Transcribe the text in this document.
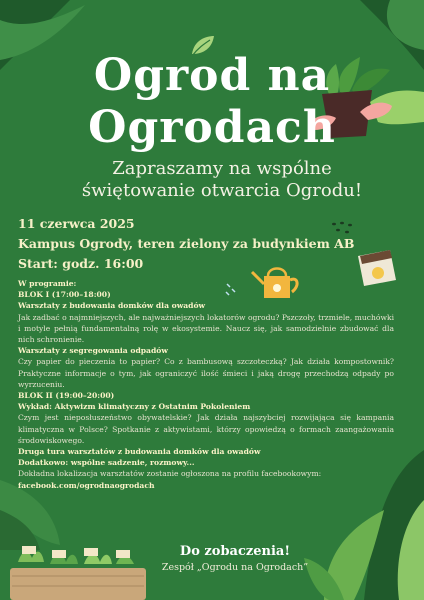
Ogrod na
Ogrodach
Zapraszamy na wspólne
świętowanie otwarcia Ogrodu!
11 czerwca 2025
Kampus Ogrody, teren zielony za budynkiem AB
Start: godz. 16:00
W programie:
BLOK I (17:00–18:00)
Warsztaty z budowania domków dla owadów
Jak zadbać o najmniejszych, ale najważniejszych lokatorów ogrodu? Pszczoły, trzmiele, muchówki i motyle pełnią fundamentalną rolę w ekosystemie. Naucz się, jak samodzielnie zbudować dla nich schronienie.
Warsztaty z segregowania odpadów
Czy papier do pieczenia to papier? Co z bambusową szczoteczką? Jak działa kompostownik? Praktyczne informacje o tym, jak ograniczyć ilość śmieci i jaką drogę przechodzą odpady po wyrzuceniu.
BLOK II (19:00–20:00)
Wykład: Aktywizm klimatyczny z Ostatnim Pokoleniem
Czym jest nieposłuszeństwo obywatelskie? Jak działa najszybciej rozwijająca się kampania klimatyczna w Polsce? Spotkanie z aktywistami, którzy opowiedzą o formach zaangażowania środowiskowego.
Druga tura warsztatów z budowania domków dla owadów
Dodatkowo: wspólne sadzenie, rozmowy...
Dokładna lokalizacja warsztatów zostanie ogłoszona na profilu facebookowym:
facebook.com/ogrodnaogrodach
Do zobaczenia!
Zespół „Ogrodu na Ogrodach”
